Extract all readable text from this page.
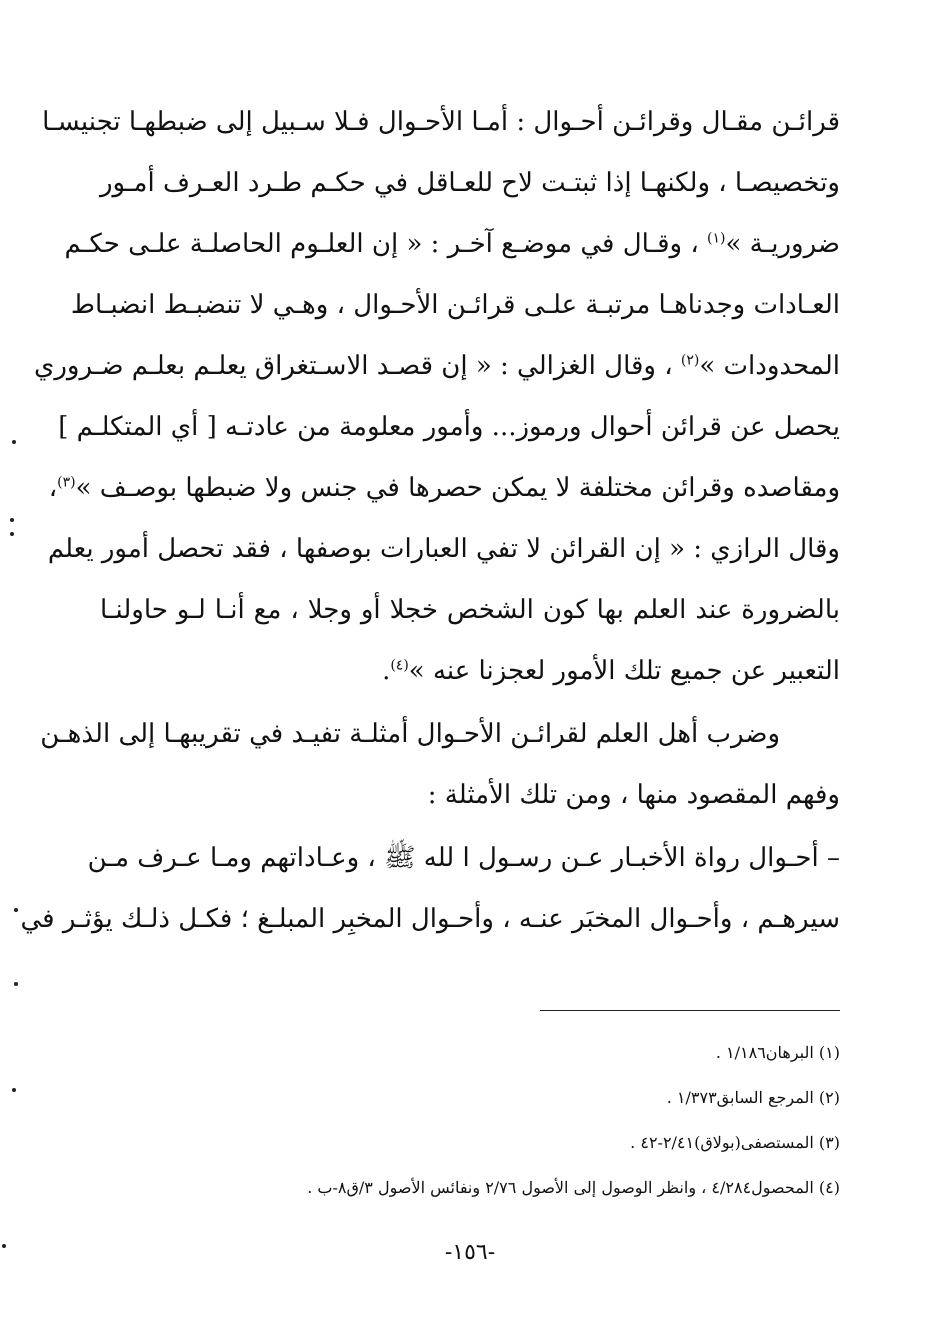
قرائـن مقـال وقرائـن أحـوال : أمـا الأحـوال فـلا سـبيل إلى ضبطهـا تجنيسـا
وتخصيصـا ، ولكنهـا إذا ثبتـت لاح للعـاقل في حكـم طـرد العـرف أمـور
ضروريـة »$^{(١)}$ ، وقـال في موضـع آخـر : « إن العلـوم الحاصلـة علـى حكـم
العـادات وجدناهـا مرتبـة علـى قرائـن الأحـوال ، وهـي لا تنضبـط انضبـاط
المحدودات »$^{(٢)}$ ، وقال الغزالي : « إن قصـد الاسـتغراق يعلـم بعلـم ضـروري
يحصل عن قرائن أحوال ورموز... وأمور معلومة من عادتـه [ أي المتكلـم ]
ومقاصده وقرائن مختلفة لا يمكن حصرها في جنس ولا ضبطها بوصـف »$^{(٣)}$،
وقال الرازي : « إن القرائن لا تفي العبارات بوصفها ، فقد تحصل أمور يعلم
بالضرورة عند العلم بها كون الشخص خجلا أو وجلا ، مع أنـا لـو حاولنـا
التعبير عن جميع تلك الأمور لعجزنا عنه »$^{(٤)}$.
وضرب أهل العلم لقرائـن الأحـوال أمثلـة تفيـد في تقريبهـا إلى الذهـن
وفهم المقصود منها ، ومن تلك الأمثلة :
– أحـوال رواة الأخبـار عـن رسـول ا لله ﷺ ، وعـاداتهم ومـا عـرف مـن
سيرهـم ، وأحـوال المخبَر عنـه ، وأحـوال المخبِر المبلـغ ؛ فكـل ذلـك يؤثـر في
(١) البرهان١/١٨٦ .
(٢) المرجع السابق١/٣٧٣ .
(٣) المستصفى(بولاق)٢/٤١-٤٢ .
(٤) المحصول٤/٢٨٤ ، وانظر الوصول إلى الأصول ٢/٧٦ ونفائس الأصول ٣/ق٨-ب .
-١٥٦-
